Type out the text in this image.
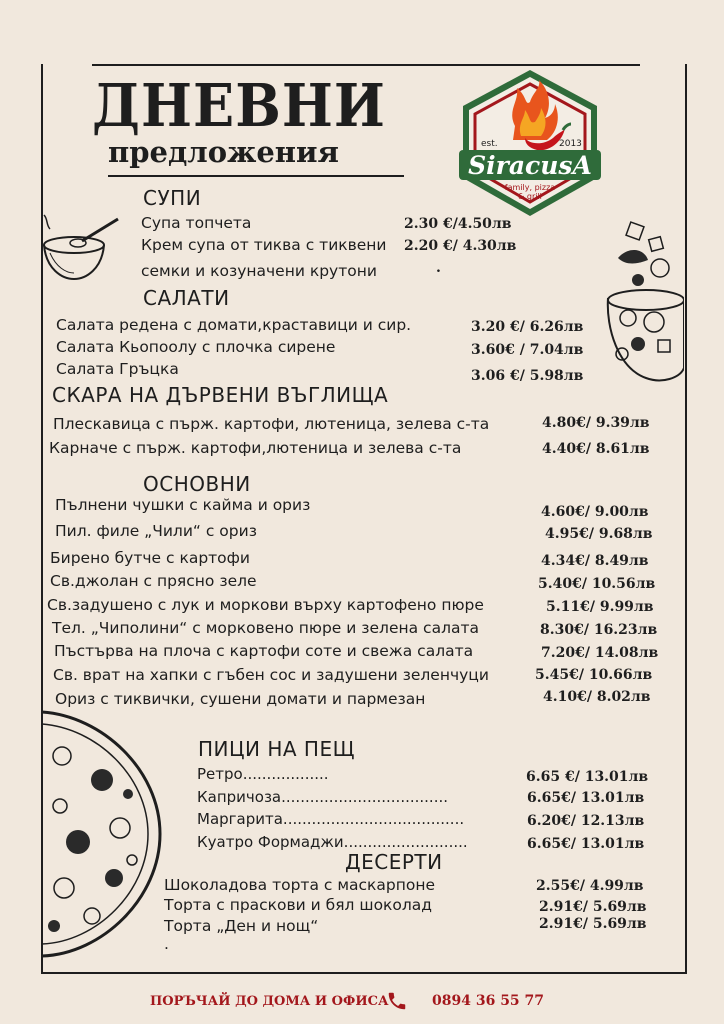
ДНЕВНИ
предложения	est.	2013
SiracusA
family, pizza
& grill
СУПИ
Супа топчета	2.30 €/4.50лв
Крем супа от тиква с тиквени 2.20 €/ 4.30лв
семки и козуначени крутони	.
САЛАТИ
Салата редена с домати,краставици и сир.	3.20 €/ 6.26лв
Салата Кьопоолу с плочка сирене	3.60€ / 7.04лв
Салата Гръцка	3.06 €/ 5.98лв
СКАРА НА ДЪРВЕНИ ВЪГЛИЩА
Плескавица с пърж. картофи, лютеница, зелева с-та	4.80€/ 9.39лв
Карначе с пърж. картофи,лютеница и зелева с-та	4.40€/ 8.61лв
ОСНОВНИ
Пълнени чушки с кайма и ориз	4.60€/ 9.00лв
Пил. филе „Чили“ с ориз	4.95€/ 9.68лв
Бирено бутче с картофи	4.34€/ 8.49лв
Св.джолан с прясно зеле	5.40€/ 10.56лв
Св.задушено с лук и моркови върху картофено пюре	5.11€/ 9.99лв
Тел. „Чиполини“ с морковено пюре и зелена салата	8.30€/ 16.23лв
Пъстърва на плоча с картофи соте и свежа салата	7.20€/ 14.08лв
Св. врат на хапки с гъбен сос и задушени зеленчуци	5.45€/ 10.66лв
Ориз с тиквички, сушени домати и пармезан	4.10€/ 8.02лв
ПИЦИ НА ПЕЩ
Ретро..................	6.65 €/ 13.01лв
Капричоза...................................	6.65€/ 13.01лв
Маргарита......................................	6.20€/ 12.13лв
Куатро Формаджи..........................	6.65€/ 13.01лв
ДЕСЕРТИ
Шоколадова торта с маскарпоне	2.55€/ 4.99лв
Торта с праскови и бял шоколад	2.91€/ 5.69лв
Торта „Ден и нощ“	2.91€/ 5.69лв
.
ПОРЪЧАЙ ДО ДОМА И ОФИСА	0894 36 55 77
